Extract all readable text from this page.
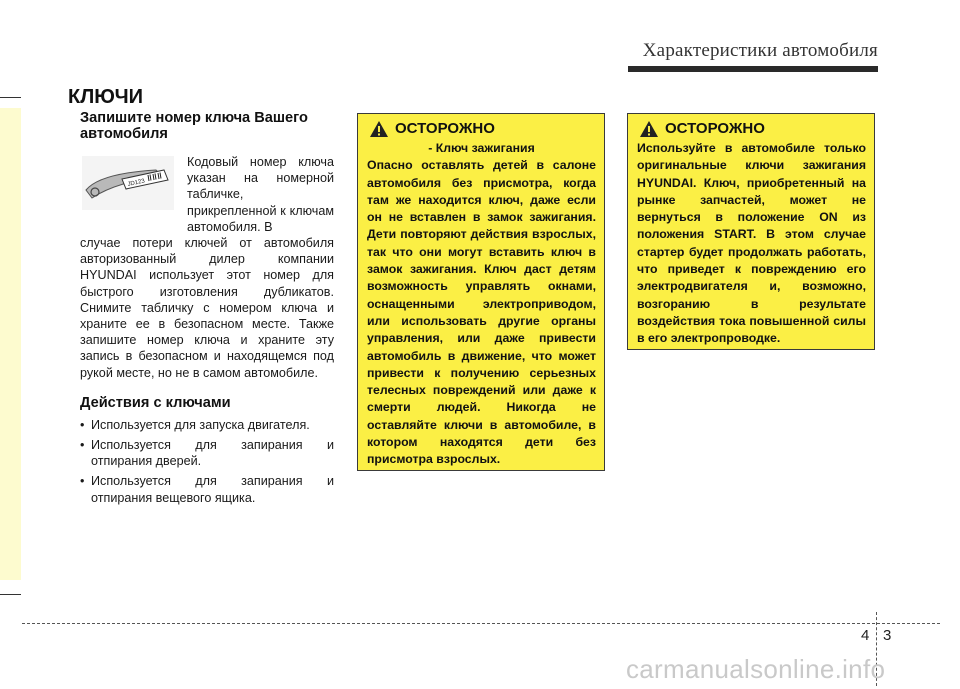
Характеристики автомобиля
КЛЮЧИ
Запишите номер ключа Вашего автомобиля
JD123
Кодовый номер ключа указан на номерной табличке, прикрепленной к ключам автомобиля. В
случае потери ключей от автомобиля авторизованный дилер компании HYUNDAI использует этот номер для быстрого изготовления дубликатов. Снимите табличку с номером ключа и храните ее в безопасном месте. Также запишите номер ключа и храните эту запись в безопасном и находящемся под рукой месте, но не в самом автомобиле.
Действия с ключами
• Используется для запуска двигателя.
• Используется для запирания и отпирания дверей.
• Используется для запирания и отпирания вещевого ящика.
ОСТОРОЖНО
- Ключ зажигания
Опасно оставлять детей в салоне автомобиля без присмотра, когда там же находится ключ, даже если он не вставлен в замок зажигания. Дети повторяют действия взрослых, так что они могут вставить ключ в замок зажигания. Ключ даст детям возможность управлять окнами, оснащенными электроприводом, или использовать другие органы управления, или даже привести автомобиль в движение, что может привести к получению серьезных телесных повреждений или даже к смерти людей. Никогда не оставляйте ключи в автомобиле, в котором находятся дети без присмотра взрослых.
ОСТОРОЖНО
Используйте в автомобиле только оригинальные ключи зажигания HYUNDAI. Ключ, приобретенный на рынке запчастей, может не вернуться в положение ON из положения START. В этом случае стартер будет продолжать работать, что приведет к повреждению его электродвигателя и, возможно, возгоранию в результате воздействия тока повышенной силы в его электропроводке.
4 3
carmanualsonline.info
